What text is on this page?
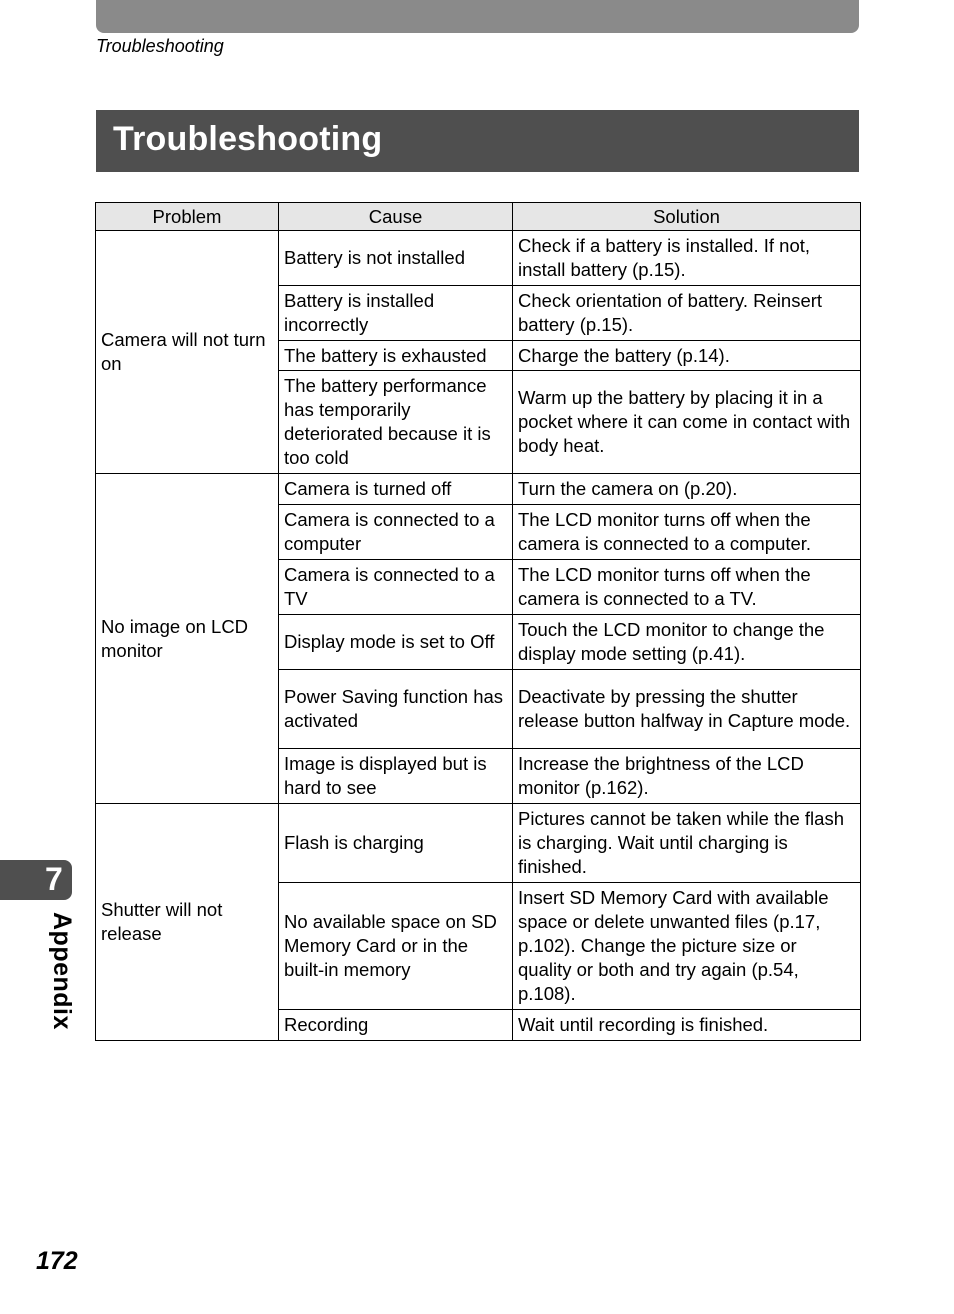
Troubleshooting
Troubleshooting
Problem	Cause	Solution
Camera will not turn on	Battery is not installed	Check if a battery is installed. If not, install battery (p.15).
	Battery is installed incorrectly	Check orientation of battery. Reinsert battery (p.15).
	The battery is exhausted	Charge the battery (p.14).
	The battery performance has temporarily deteriorated because it is too cold	Warm up the battery by placing it in a pocket where it can come in contact with body heat.
No image on LCD monitor	Camera is turned off	Turn the camera on (p.20).
	Camera is connected to a computer	The LCD monitor turns off when the camera is connected to a computer.
	Camera is connected to a TV	The LCD monitor turns off when the camera is connected to a TV.
	Display mode is set to Off	Touch the LCD monitor to change the display mode setting (p.41).
	Power Saving function has activated	Deactivate by pressing the shutter release button halfway in Capture mode.
	Image is displayed but is hard to see	Increase the brightness of the LCD monitor (p.162).
Shutter will not release	Flash is charging	Pictures cannot be taken while the flash is charging. Wait until charging is finished.
	No available space on SD Memory Card or in the built-in memory	Insert SD Memory Card with available space or delete unwanted files (p.17, p.102). Change the picture size or quality or both and try again (p.54, p.108).
	Recording	Wait until recording is finished.
7
Appendix
172
